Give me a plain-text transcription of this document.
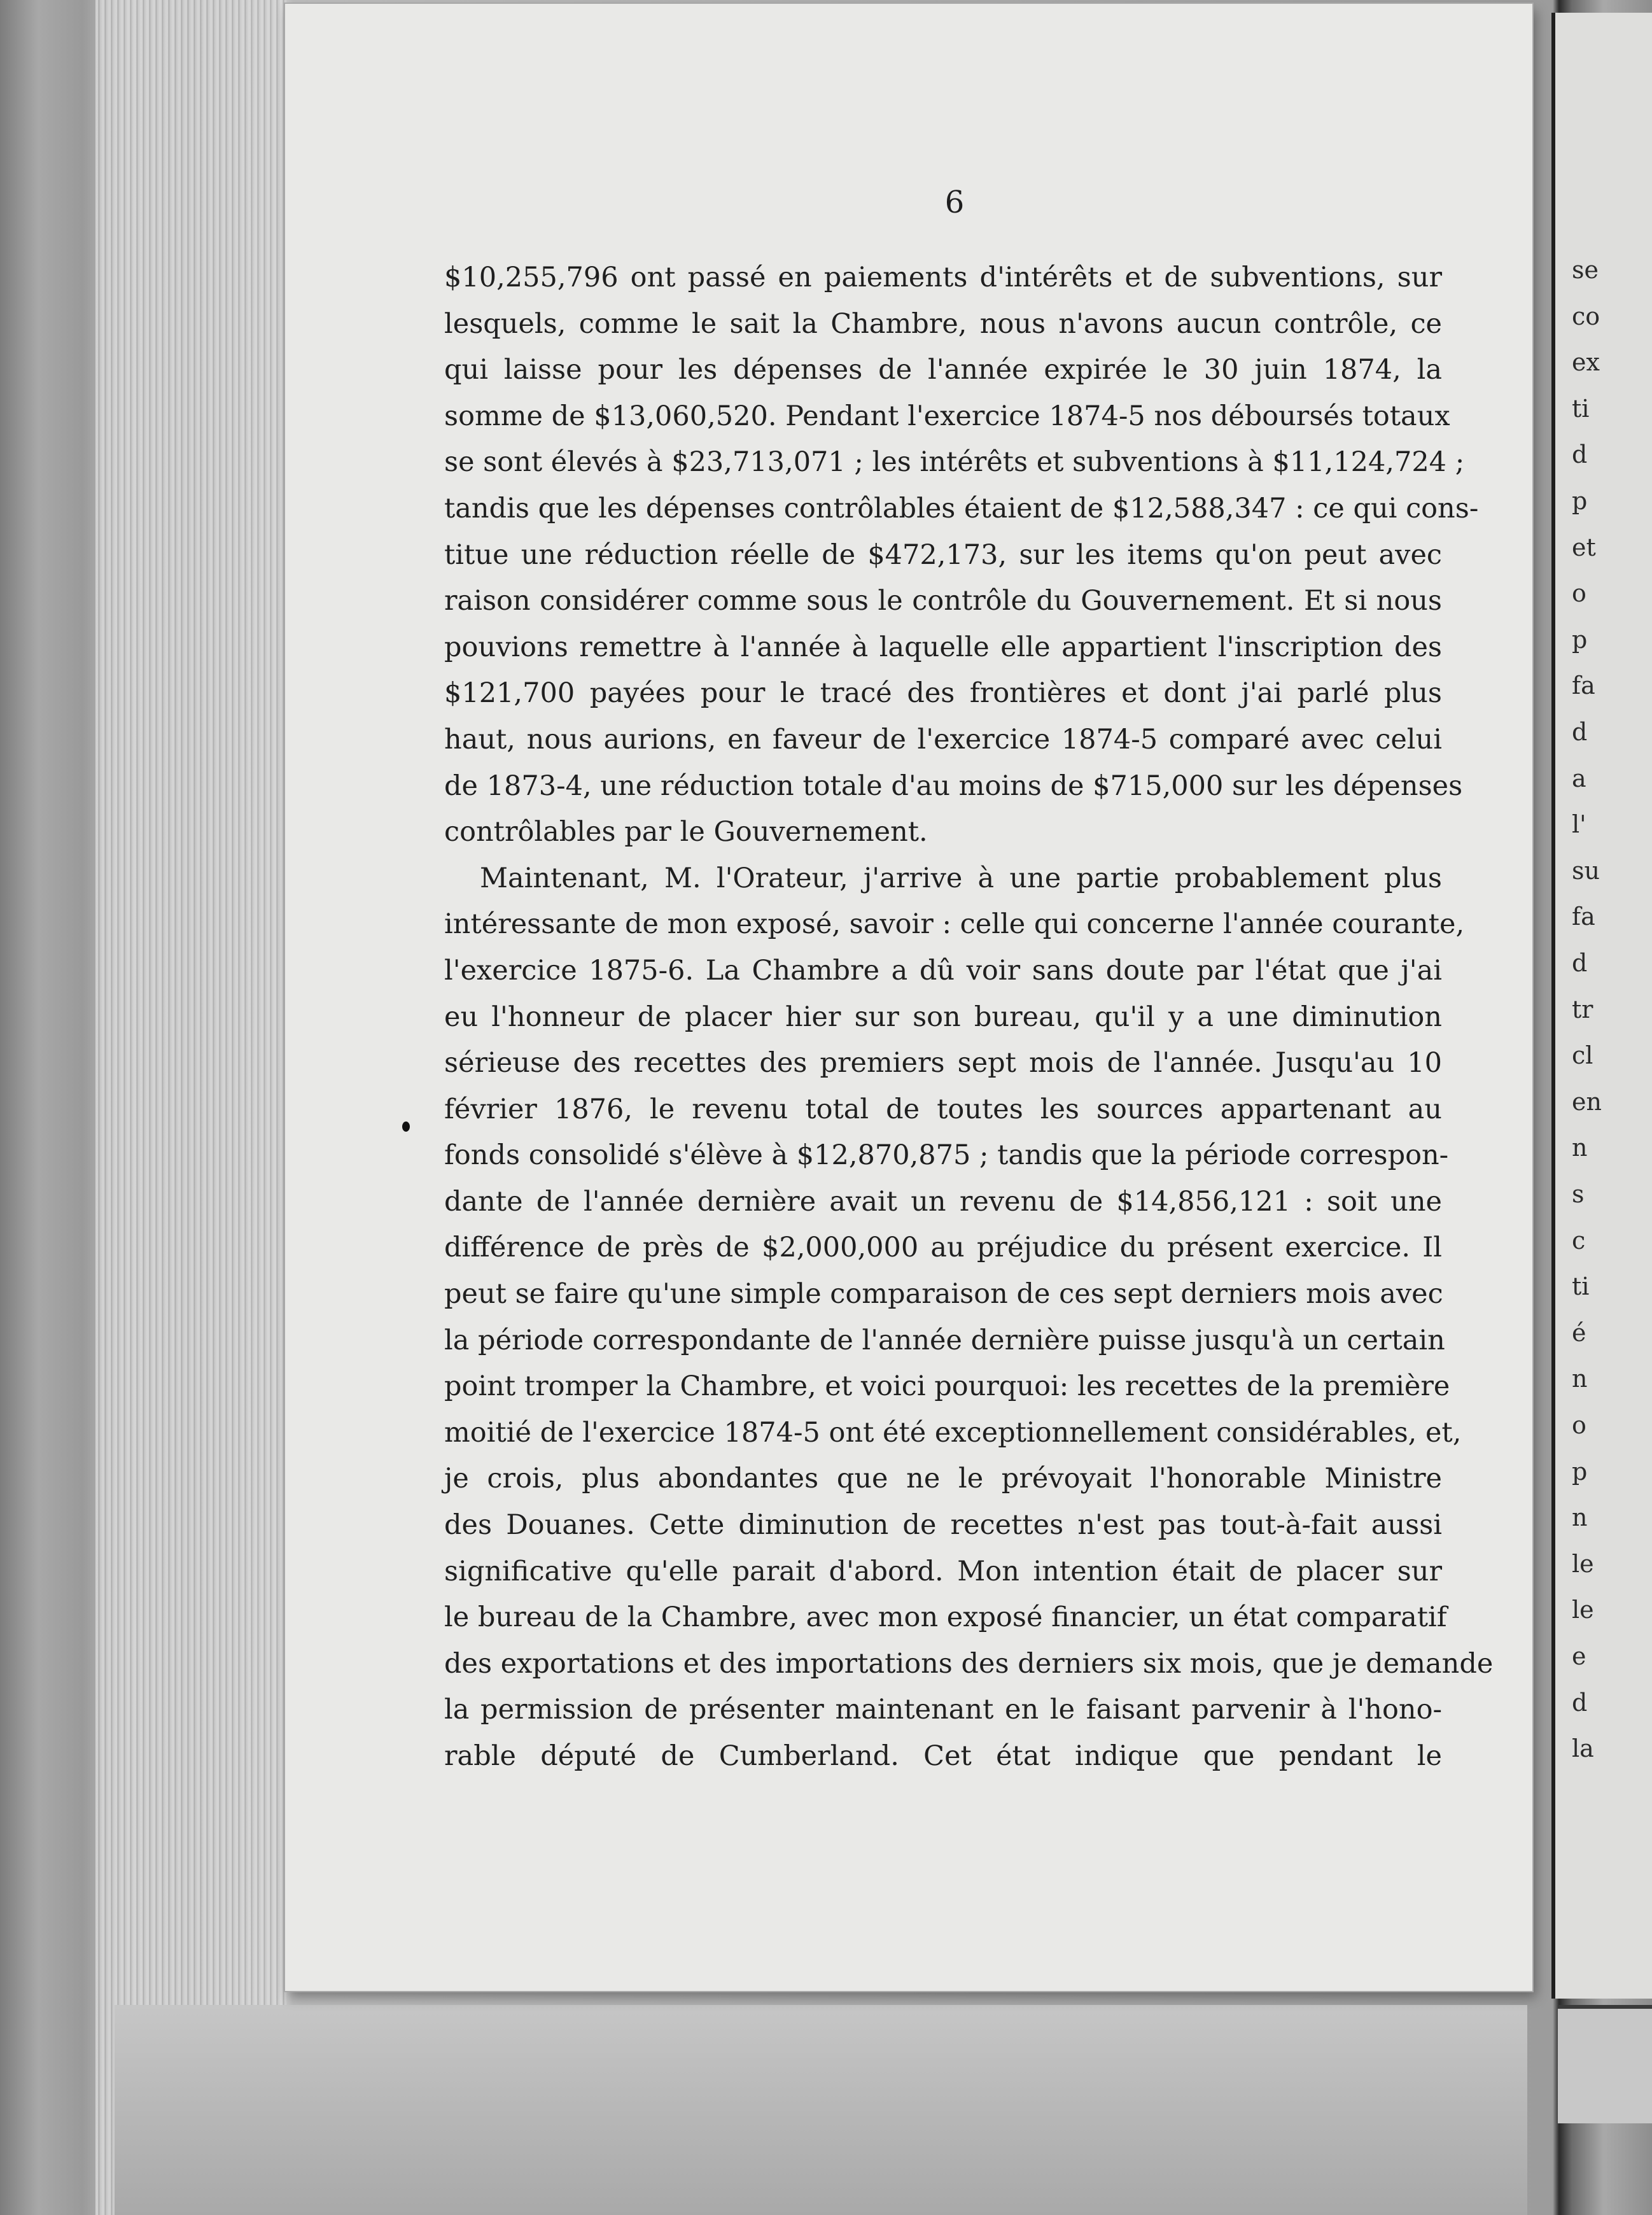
6
$10,255,796 ont passé en paiements d'intérêts et de subventions, sur
lesquels, comme le sait la Chambre, nous n'avons aucun contrôle, ce
qui laisse pour les dépenses de l'année expirée le 30 juin 1874, la
somme de $13,060,520. Pendant l'exercice 1874-5 nos déboursés totaux
se sont élevés à $23,713,071 ; les intérêts et subventions à $11,124,724 ;
tandis que les dépenses contrôlables étaient de $12,588,347 : ce qui cons-
titue une réduction réelle de $472,173, sur les items qu'on peut avec
raison considérer comme sous le contrôle du Gouvernement. Et si nous
pouvions remettre à l'année à laquelle elle appartient l'inscription des
$121,700 payées pour le tracé des frontières et dont j'ai parlé plus
haut, nous aurions, en faveur de l'exercice 1874-5 comparé avec celui
de 1873-4, une réduction totale d'au moins de $715,000 sur les dépenses
contrôlables par le Gouvernement.
Maintenant, M. l'Orateur, j'arrive à une partie probablement plus
intéressante de mon exposé, savoir : celle qui concerne l'année courante,
l'exercice 1875-6. La Chambre a dû voir sans doute par l'état que j'ai
eu l'honneur de placer hier sur son bureau, qu'il y a une diminution
sérieuse des recettes des premiers sept mois de l'année. Jusqu'au 10
février 1876, le revenu total de toutes les sources appartenant au
fonds consolidé s'élève à $12,870,875 ; tandis que la période correspon-
dante de l'année dernière avait un revenu de $14,856,121 : soit une
différence de près de $2,000,000 au préjudice du présent exercice. Il
peut se faire qu'une simple comparaison de ces sept derniers mois avec
la période correspondante de l'année dernière puisse jusqu'à un certain
point tromper la Chambre, et voici pourquoi: les recettes de la première
moitié de l'exercice 1874-5 ont été exceptionnellement considérables, et,
je crois, plus abondantes que ne le prévoyait l'honorable Ministre
des Douanes. Cette diminution de recettes n'est pas tout-à-fait aussi
significative qu'elle parait d'abord. Mon intention était de placer sur
le bureau de la Chambre, avec mon exposé financier, un état comparatif
des exportations et des importations des derniers six mois, que je demande
la permission de présenter maintenant en le faisant parvenir à l'hono-
rable député de Cumberland. Cet état indique que pendant le
se
co
ex
ti
d
p
et
o
p
fa
d
a
l'
su
fa
d
tr
cl
en
n
s
c
ti
é
n
o
p
n
le
le
e
d
la
